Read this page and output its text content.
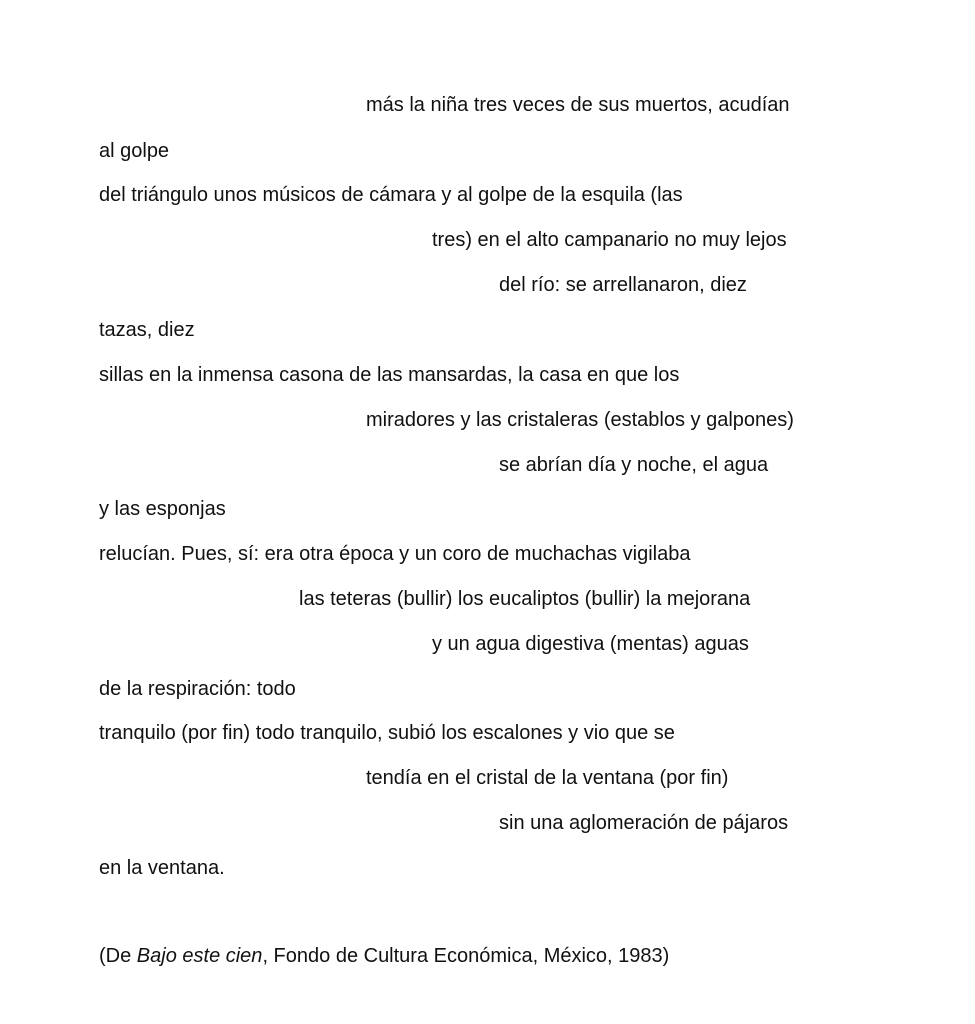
más la niña tres veces de sus muertos, acudían
al golpe
del triángulo unos músicos de cámara y al golpe de la esquila (las
tres) en el alto campanario no muy lejos
del río: se arrellanaron, diez
tazas, diez
sillas en la inmensa casona de las mansardas, la casa en que los
miradores y las cristaleras (establos y galpones)
se abrían día y noche, el agua
y las esponjas
relucían. Pues, sí: era otra época y un coro de muchachas vigilaba
las teteras (bullir) los eucaliptos (bullir) la mejorana
y un agua digestiva (mentas) aguas
de la respiración: todo
tranquilo (por fin) todo tranquilo, subió los escalones y vio que se
tendía en el cristal de la ventana (por fin)
sin una aglomeración de pájaros
en la ventana.
(De Bajo este cien, Fondo de Cultura Económica, México, 1983)
